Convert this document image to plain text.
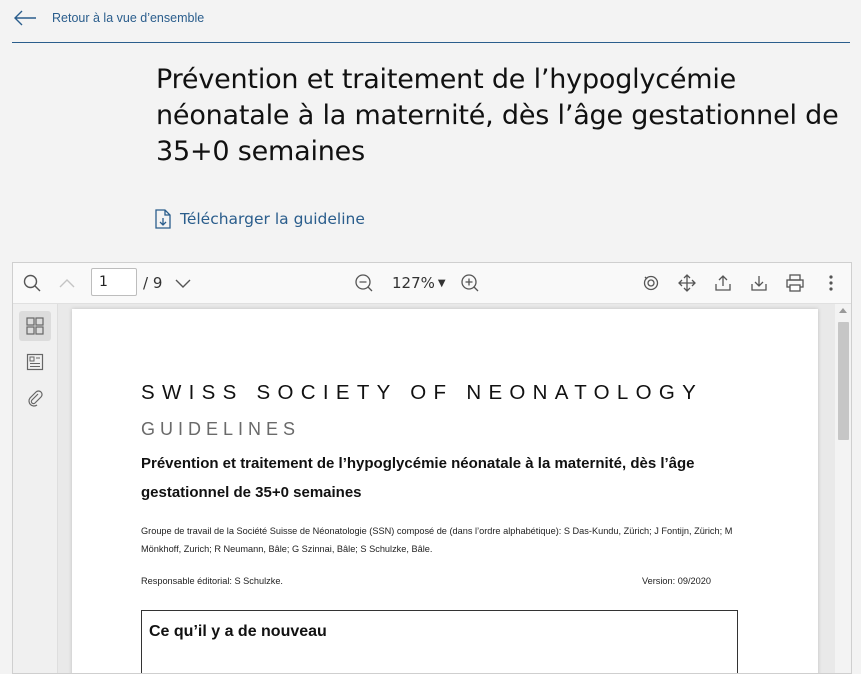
Retour à la vue d’ensemble
Prévention et traitement de l’hypoglycémie néonatale à la maternité, dès l’âge gestationnel de 35+0 semaines
Télécharger la guideline
1
/ 9	127% ▼
SWISS SOCIETY OF NEONATOLOGY
GUIDELINES
Prévention et traitement de l’hypoglycémie néonatale à la maternité, dès l’âge gestationnel de 35+0 semaines
Groupe de travail de la Société Suisse de Néonatologie (SSN) composé de (dans l’ordre alphabétique): S Das-Kundu, Zürich; J Fontijn, Zürich; M Mönkhoff, Zurich; R Neumann, Bâle; G Szinnai, Bâle; S Schulzke, Bâle.
Responsable éditorial: S Schulzke.	Version: 09/2020
Ce qu’il y a de nouveau
